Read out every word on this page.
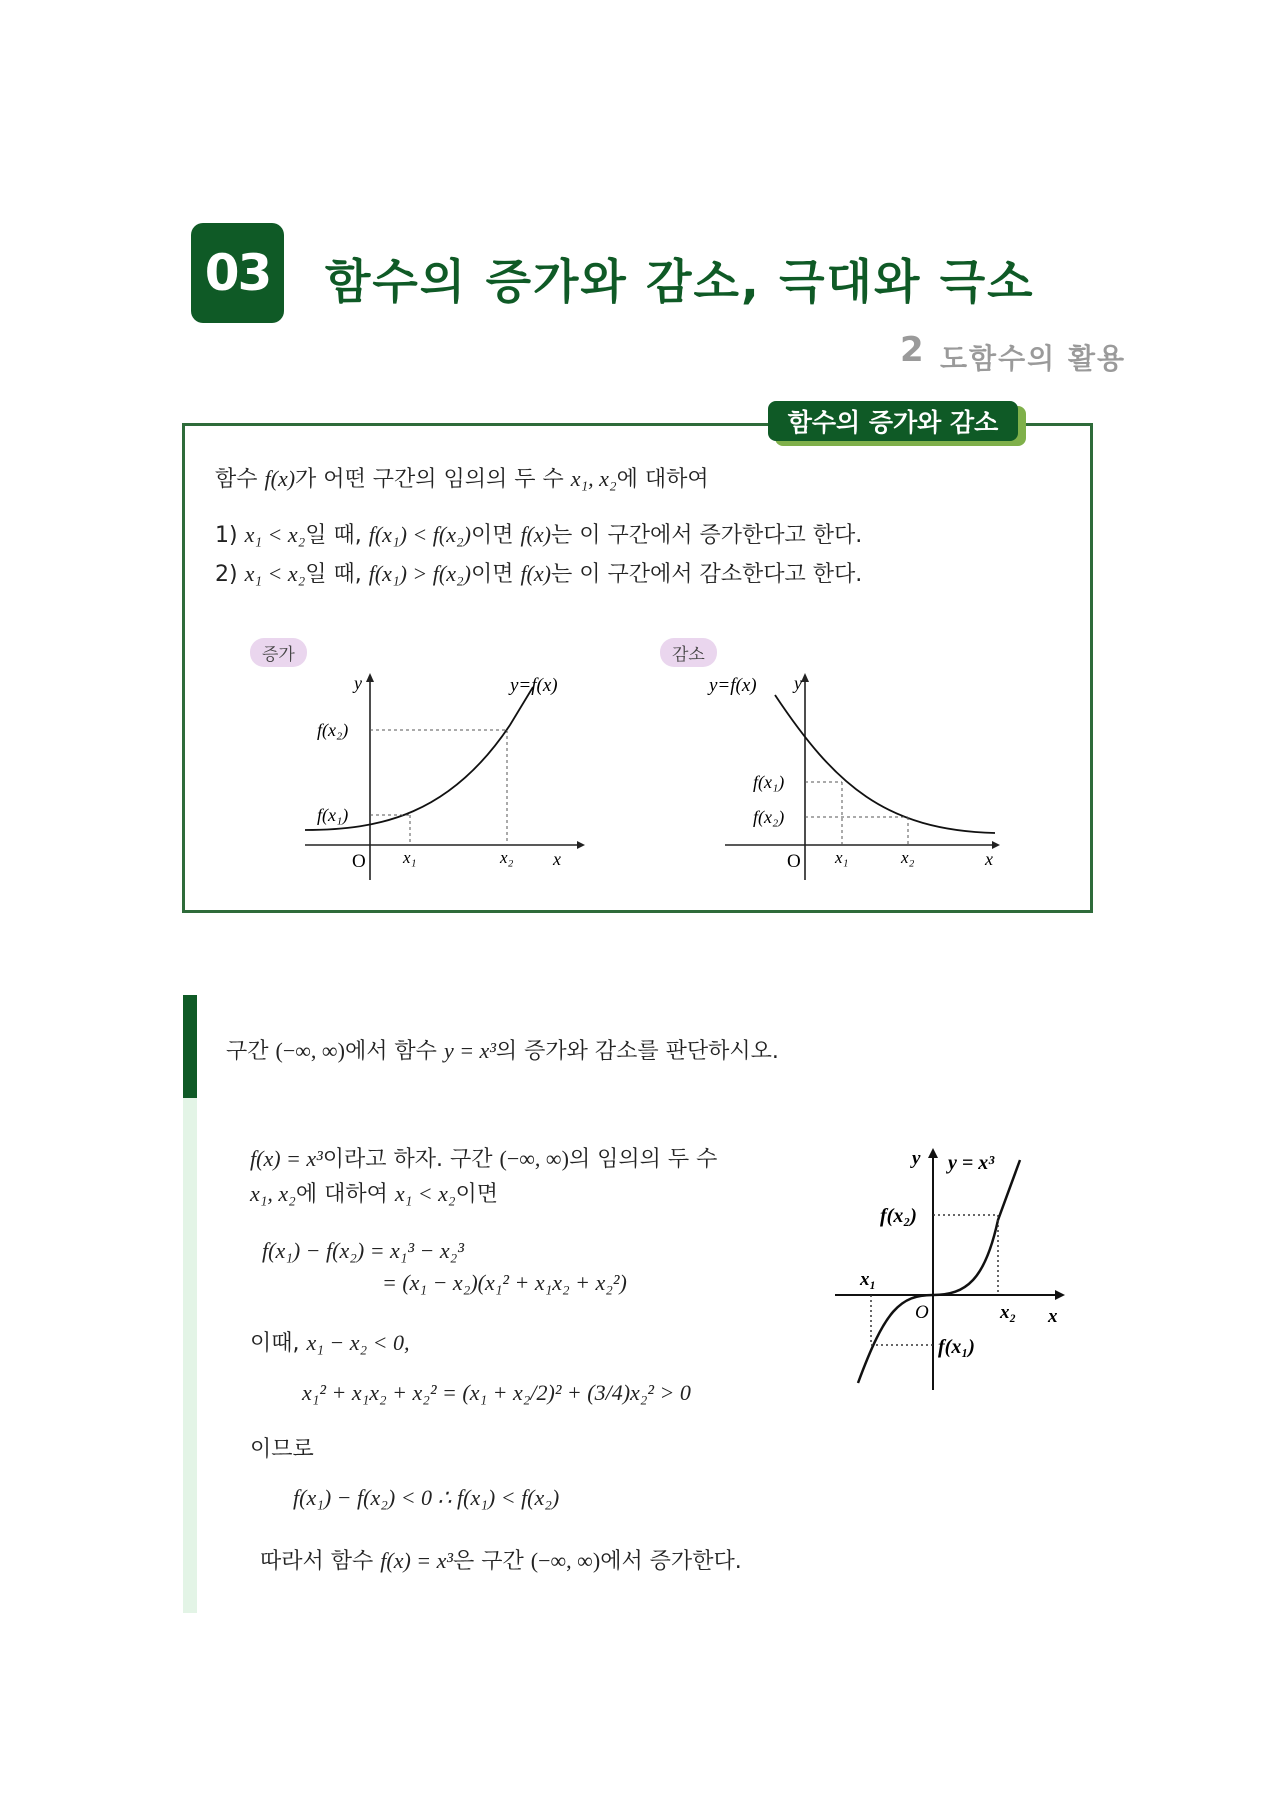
03 함수의 증가와 감소, 극대와 극소
2 도함수의 활용
함수의 증가와 감소
함수 f(x)가 어떤 구간의 임의의 두 수 x₁, x₂에 대하여
1) x₁ < x₂일 때, f(x₁) < f(x₂)이면 f(x)는 이 구간에서 증가한다고 한다.
2) x₁ < x₂일 때, f(x₁) > f(x₂)이면 f(x)는 이 구간에서 감소한다고 한다.
증가	감소
y
x
O x₁	x₂
f(x₁)
f(x₂)
y=f(x)	y
x
O x₁	x₂
f(x₁)
f(x₂)
y=f(x)
구간 (−∞, ∞)에서 함수 y = x³의 증가와 감소를 판단하시오.
f(x) = x³이라고 하자. 구간 (−∞, ∞)의 임의의 두 수
x₁, x₂에 대하여 x₁ < x₂이면
f(x₁) − f(x₂) = x₁³ − x₂³
= (x₁ − x₂)(x₁² + x₁x₂ + x₂²)
이때, x₁ − x₂ < 0,
x₁² + x₁x₂ + x₂² = (x₁ + x₂/2)² + (3/4)x₂² > 0
이므로
f(x₁) − f(x₂) < 0 ∴ f(x₁) < f(x₂)
따라서 함수 f(x) = x³은 구간 (−∞, ∞)에서 증가한다.
y
x
O
y = x³
x₁
x₂
f(x₂)
f(x₁)
